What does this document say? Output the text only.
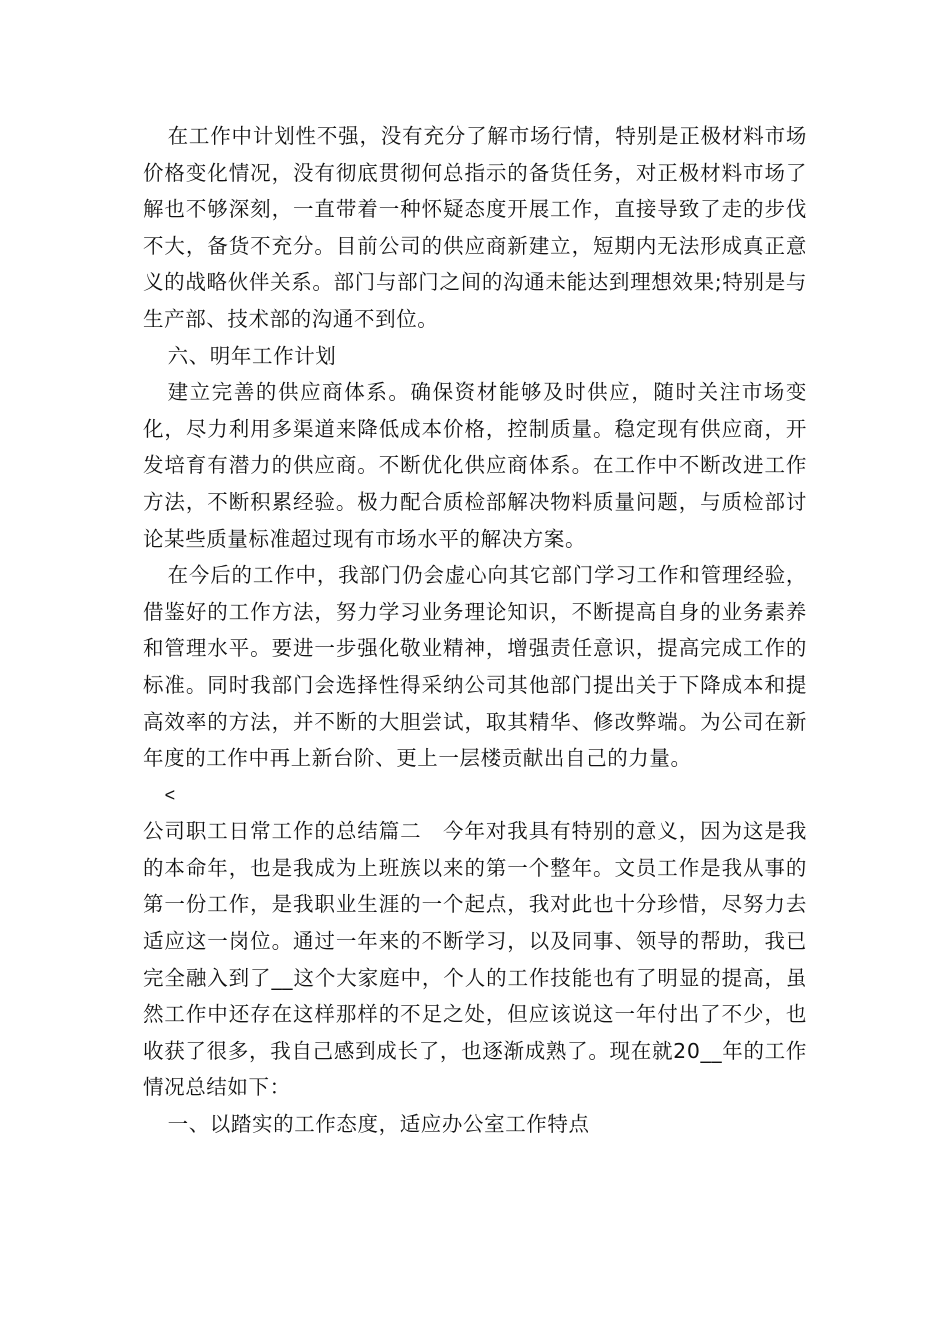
在工作中计划性不强，没有充分了解市场行情，特别是正极材料市场价格变化情况，没有彻底贯彻何总指示的备货任务，对正极材料市场了解也不够深刻，一直带着一种怀疑态度开展工作，直接导致了走的步伐不大，备货不充分。目前公司的供应商新建立，短期内无法形成真正意义的战略伙伴关系。部门与部门之间的沟通未能达到理想效果;特别是与生产部、技术部的沟通不到位。

六、明年工作计划

建立完善的供应商体系。确保资材能够及时供应，随时关注市场变化，尽力利用多渠道来降低成本价格，控制质量。稳定现有供应商，开发培育有潜力的供应商。不断优化供应商体系。在工作中不断改进工作方法，不断积累经验。极力配合质检部解决物料质量问题，与质检部讨论某些质量标准超过现有市场水平的解决方案。

在今后的工作中，我部门仍会虚心向其它部门学习工作和管理经验，借鉴好的工作方法，努力学习业务理论知识，不断提高自身的业务素养和管理水平。要进一步强化敬业精神，增强责任意识，提高完成工作的标准。同时我部门会选择性得采纳公司其他部门提出关于下降成本和提高效率的方法，并不断的大胆尝试，取其精华、修改弊端。为公司在新年度的工作中再上新台阶、更上一层楼贡献出自己的力量。

<

公司职工日常工作的总结篇二　今年对我具有特别的意义，因为这是我的本命年，也是我成为上班族以来的第一个整年。文员工作是我从事的第一份工作，是我职业生涯的一个起点，我对此也十分珍惜，尽努力去适应这一岗位。通过一年来的不断学习，以及同事、领导的帮助，我已完全融入到了__这个大家庭中，个人的工作技能也有了明显的提高，虽然工作中还存在这样那样的不足之处，但应该说这一年付出了不少，也收获了很多，我自己感到成长了，也逐渐成熟了。现在就20__年的工作情况总结如下：

一、以踏实的工作态度，适应办公室工作特点
